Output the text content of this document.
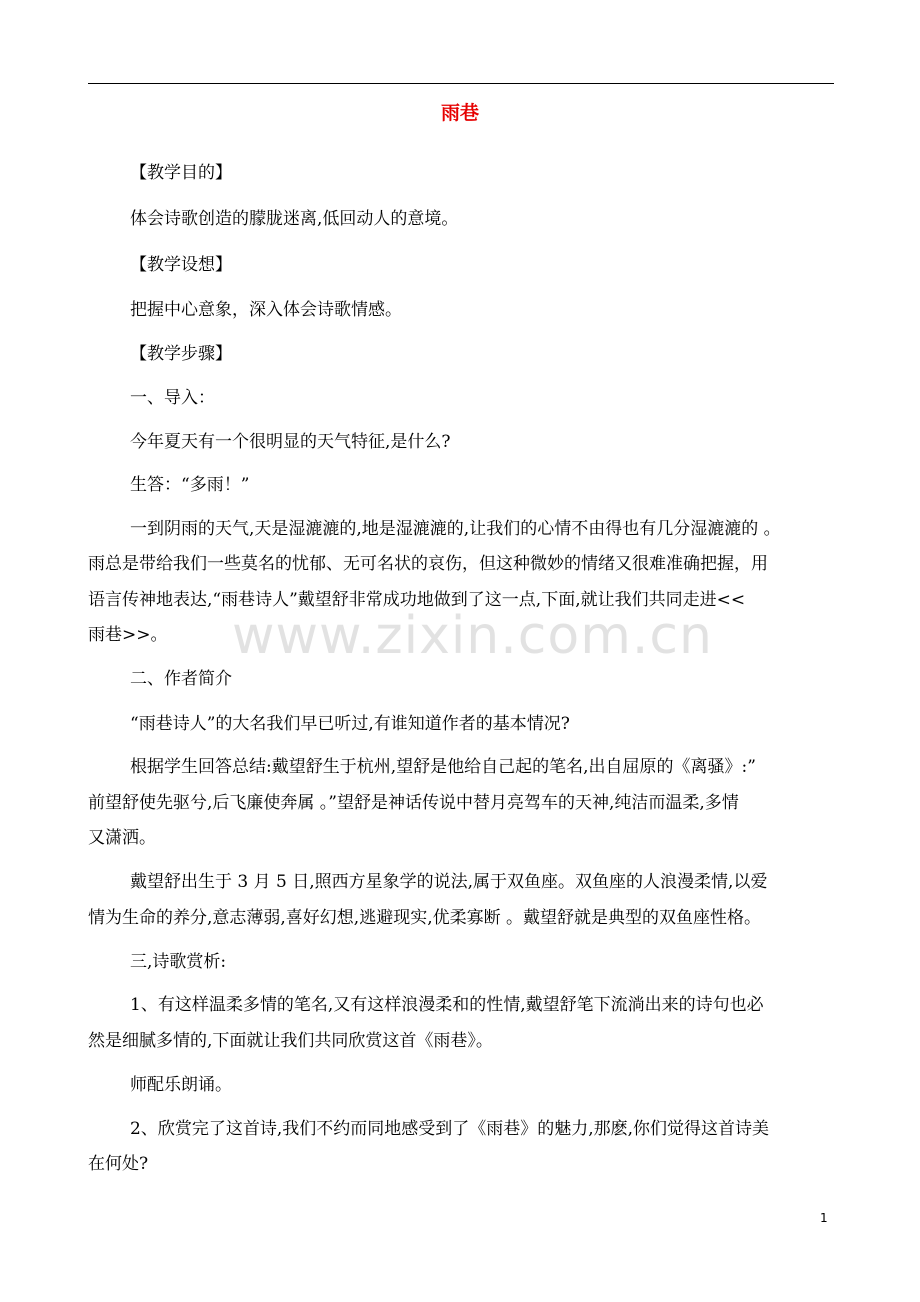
雨巷
【教学目的】
体会诗歌创造的朦胧迷离,低回动人的意境。
【教学设想】
把握中心意象，深入体会诗歌情感。
【教学步骤】
一、导入：
今年夏天有一个很明显的天气特征,是什么?
生答：“多雨！”
一到阴雨的天气,天是湿漉漉的,地是湿漉漉的,让我们的心情不由得也有几分湿漉漉的 。
雨总是带给我们一些莫名的忧郁、无可名状的哀伤，但这种微妙的情绪又很难准确把握，用
语言传神地表达,“雨巷诗人”戴望舒非常成功地做到了这一点,下面,就让我们共同走进<<
雨巷>>。
二、作者简介
“雨巷诗人”的大名我们早已听过,有谁知道作者的基本情况?
根据学生回答总结:戴望舒生于杭州,望舒是他给自己起的笔名,出自屈原的《离骚》:”
前望舒使先驱兮,后飞廉使奔属 。”望舒是神话传说中替月亮驾车的天神,纯洁而温柔,多情
又潇洒。
戴望舒出生于 3 月 5 日,照西方星象学的说法,属于双鱼座。双鱼座的人浪漫柔情,以爱
情为生命的养分,意志薄弱,喜好幻想,逃避现实,优柔寡断 。戴望舒就是典型的双鱼座性格。
三,诗歌赏析:
1、有这样温柔多情的笔名,又有这样浪漫柔和的性情,戴望舒笔下流淌出来的诗句也必
然是细腻多情的,下面就让我们共同欣赏这首《雨巷》。
师配乐朗诵。
2、欣赏完了这首诗,我们不约而同地感受到了《雨巷》的魅力,那麽,你们觉得这首诗美
在何处?
www.zixin.com.cn
1
